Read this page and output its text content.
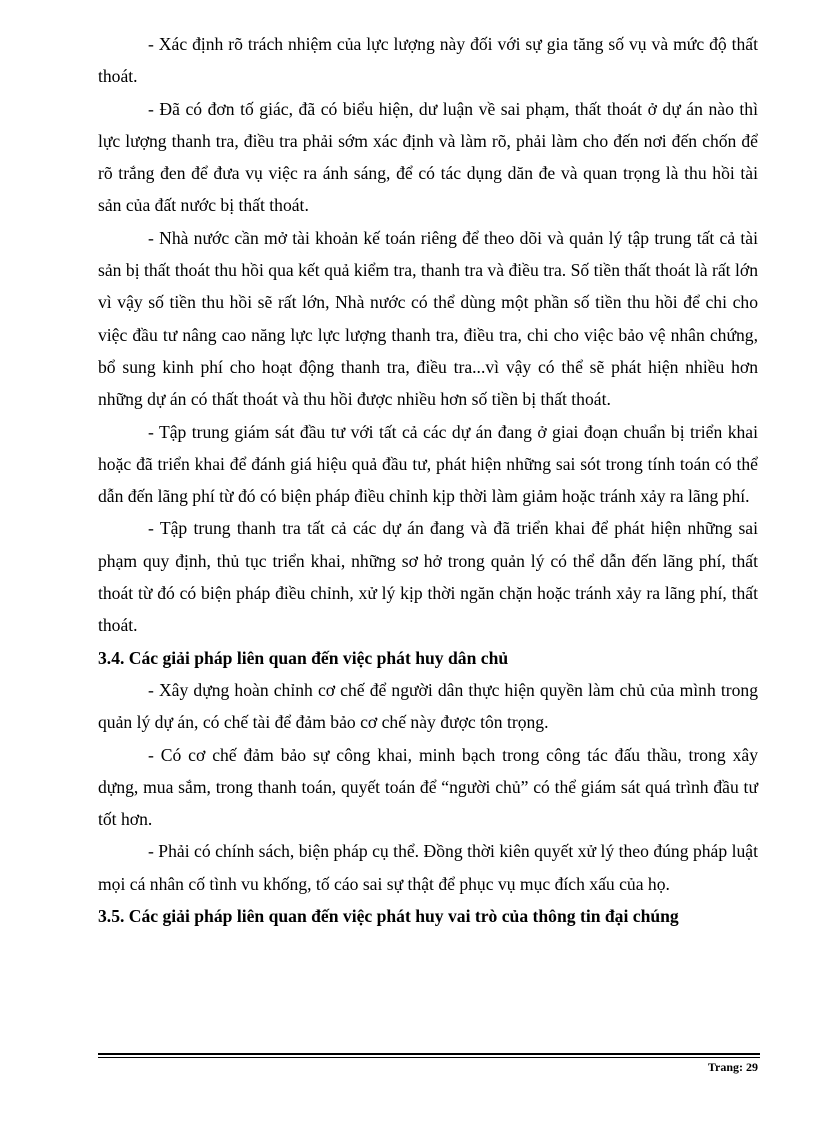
- Xác định rõ trách nhiệm của lực lượng này đối với sự gia tăng số vụ và mức độ thất thoát.

- Đã có đơn tố giác, đã có biểu hiện, dư luận về sai phạm, thất thoát ở dự án nào thì lực lượng thanh tra, điều tra phải sớm xác định và làm rõ, phải làm cho đến nơi đến chốn để rõ trắng đen để đưa vụ việc ra ánh sáng, để có tác dụng dăn đe và quan trọng là thu hồi tài sản của đất nước bị thất thoát.

- Nhà nước cần mở tài khoản kế toán riêng để theo dõi và quản lý tập trung tất cả tài sản bị thất thoát thu hồi qua kết quả kiểm tra, thanh tra và điều tra. Số tiền thất thoát là rất lớn vì vậy số tiền thu hồi sẽ rất lớn, Nhà nước có thể dùng một phần số tiền thu hồi để chi cho việc đầu tư nâng cao năng lực lực lượng thanh tra, điều tra, chi cho việc bảo vệ nhân chứng, bổ sung kinh phí cho hoạt động thanh tra, điều tra...vì vậy có thể sẽ phát hiện nhiều hơn những dự án có thất thoát và thu hồi được nhiều hơn số tiền bị thất thoát.

- Tập trung giám sát đầu tư với tất cả các dự án đang ở giai đoạn chuẩn bị triển khai hoặc đã triển khai để đánh giá hiệu quả đầu tư, phát hiện những sai sót trong tính toán có thể dẫn đến lãng phí từ đó có biện pháp điều chỉnh kịp thời làm giảm hoặc tránh xảy ra lãng phí.

- Tập trung thanh tra tất cả các dự án đang và đã triển khai để phát hiện những sai phạm quy định, thủ tục triển khai, những sơ hở trong quản lý có thể dẫn đến lãng phí, thất thoát từ đó có biện pháp điều chỉnh, xử lý kịp thời ngăn chặn hoặc tránh xảy ra lãng phí, thất thoát.

3.4. Các giải pháp liên quan đến việc phát huy dân chủ

- Xây dựng hoàn chỉnh cơ chế để người dân thực hiện quyền làm chủ của mình trong quản lý dự án, có chế tài để đảm bảo cơ chế này được tôn trọng.

- Có cơ chế đảm bảo sự công khai, minh bạch trong công tác đấu thầu, trong xây dựng, mua sắm, trong thanh toán, quyết toán để “người chủ” có thể giám sát quá trình đầu tư tốt hơn.

- Phải có chính sách, biện pháp cụ thể. Đồng thời kiên quyết xử lý theo đúng pháp luật mọi cá nhân cố tình vu khống, tố cáo sai sự thật để phục vụ mục đích xấu của họ.

3.5. Các giải pháp liên quan đến việc phát huy vai trò của thông tin đại chúng
Trang: 29
